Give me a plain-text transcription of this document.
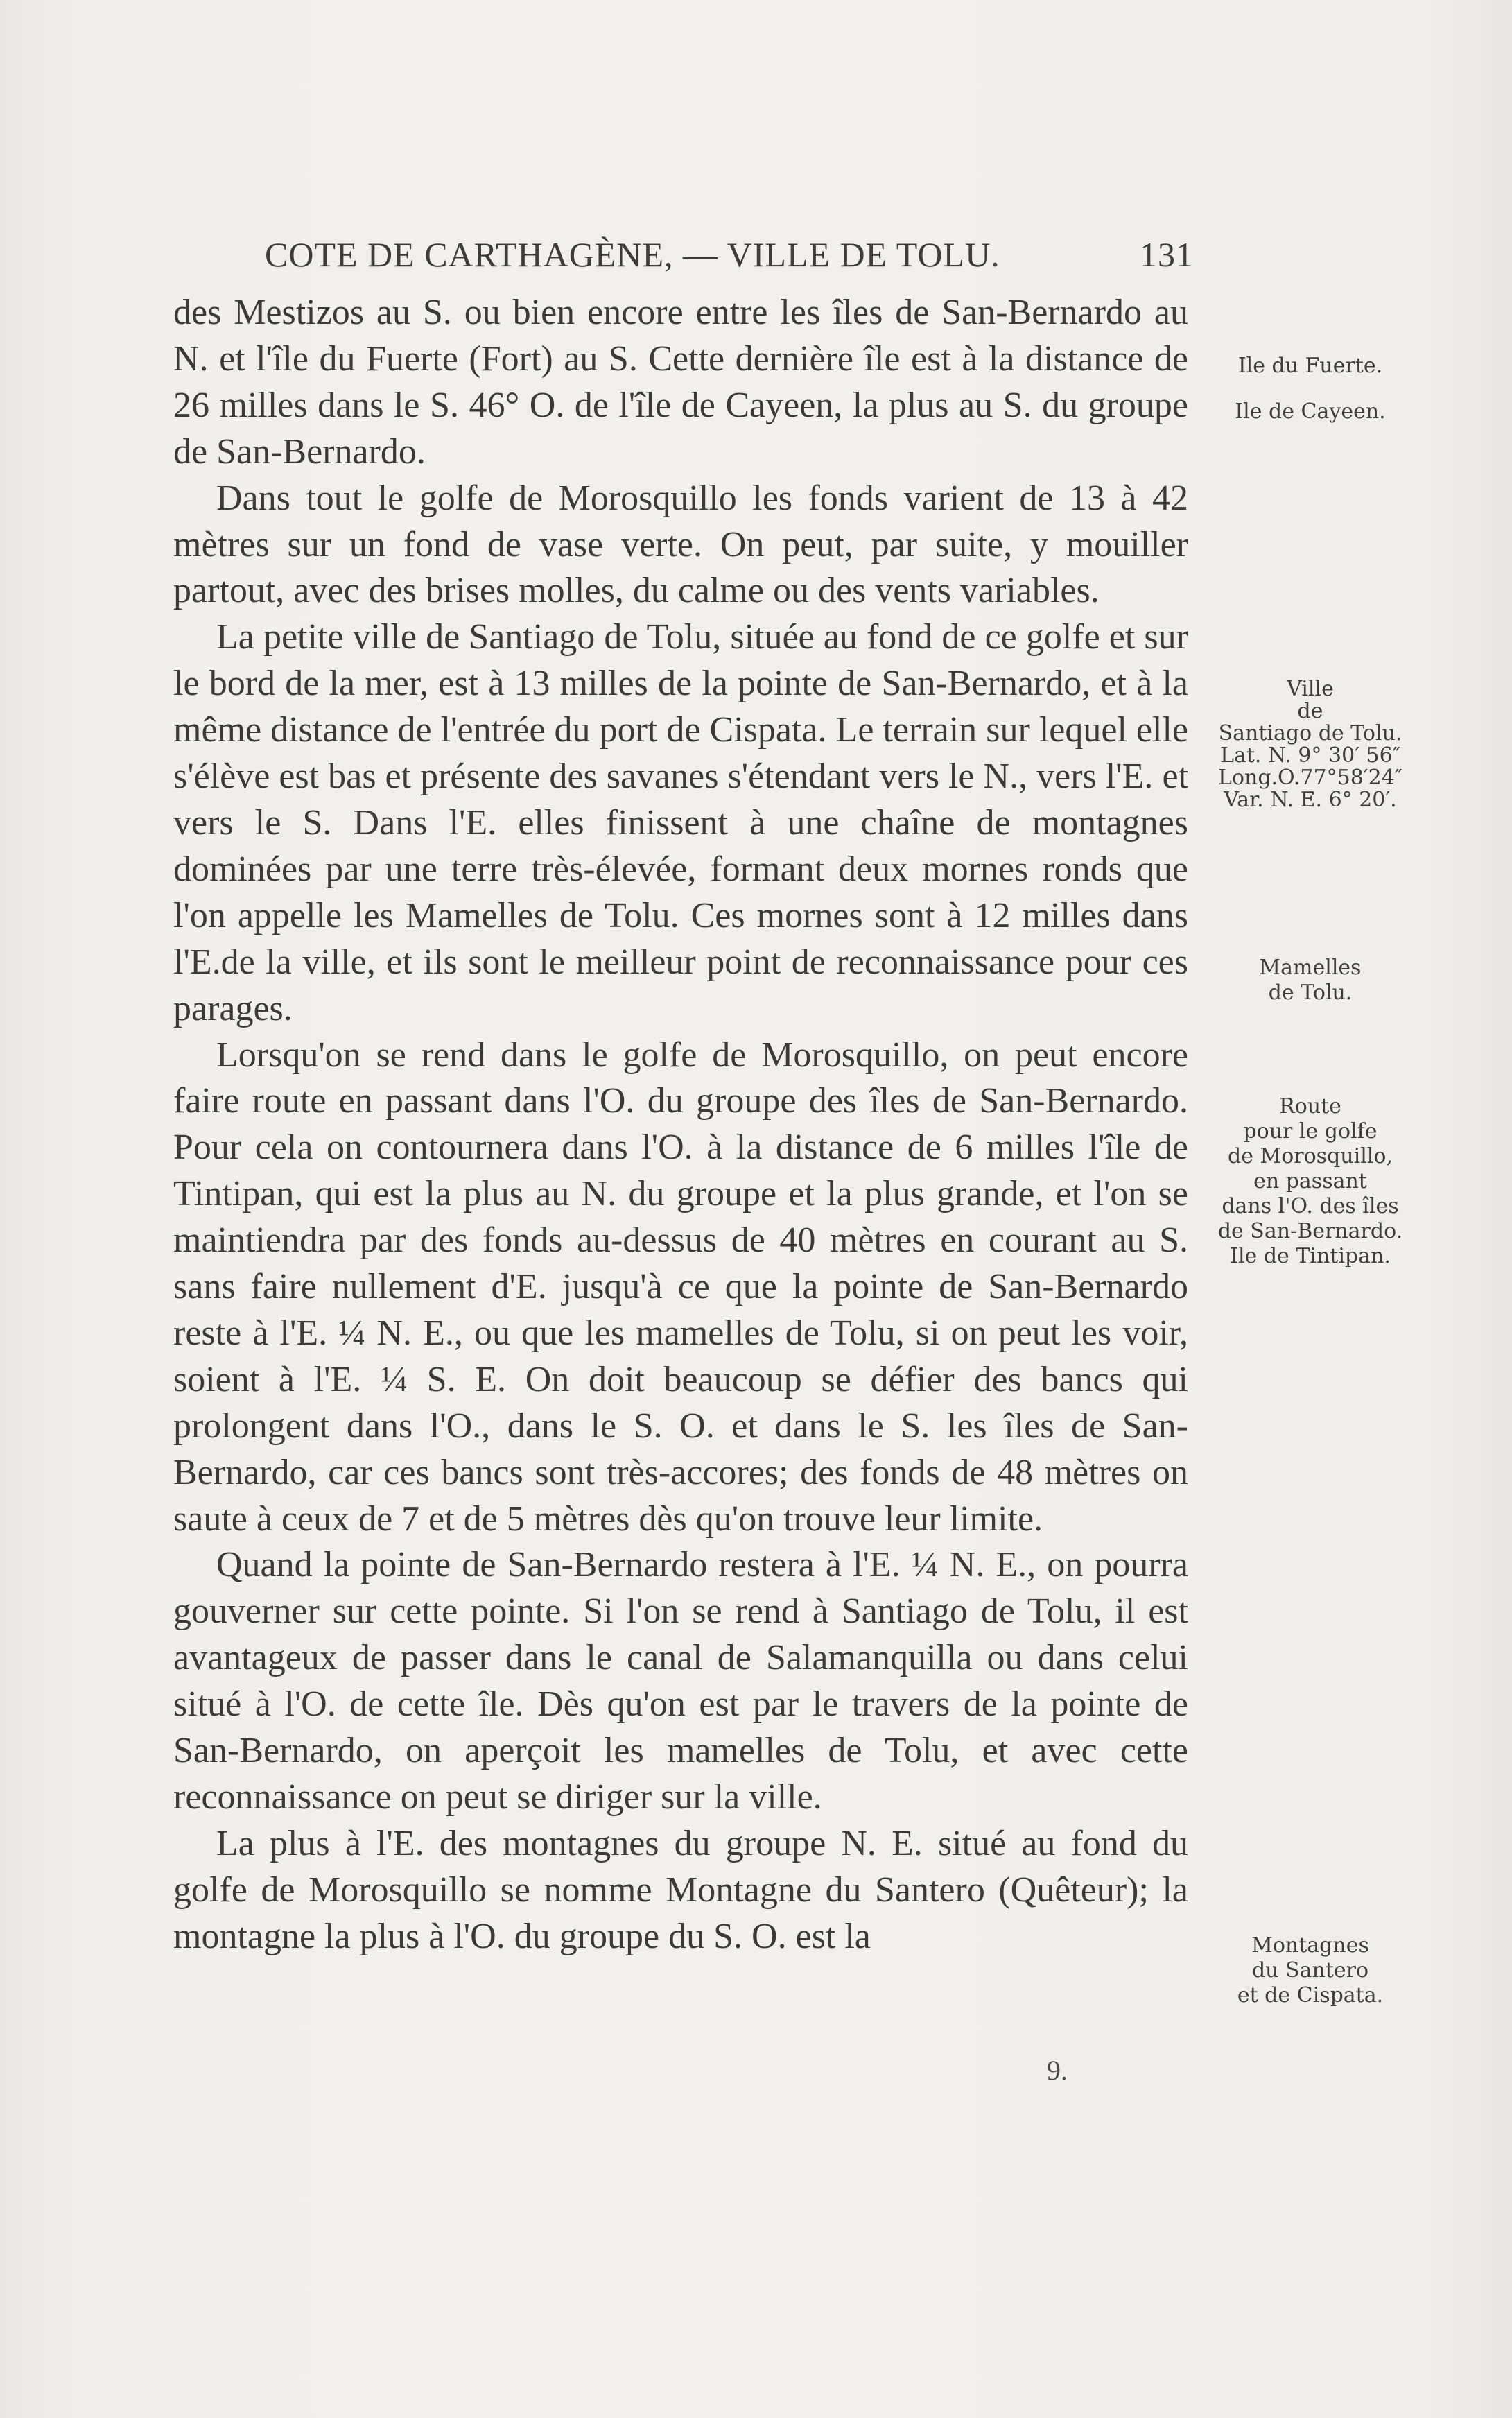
COTE DE CARTHAGÈNE, — VILLE DE TOLU.	131

des Mestizos au S. ou bien encore entre les îles de San-Bernardo au N. et l'île du Fuerte (Fort) au S. Cette dernière île est à la distance de 26 milles dans le S. 46° O. de l'île de Cayeen, la plus au S. du groupe de San-Bernardo.

Dans tout le golfe de Morosquillo les fonds varient de 13 à 42 mètres sur un fond de vase verte. On peut, par suite, y mouiller partout, avec des brises molles, du calme ou des vents variables.

La petite ville de Santiago de Tolu, située au fond de ce golfe et sur le bord de la mer, est à 13 milles de la pointe de San-Bernardo, et à la même distance de l'entrée du port de Cispata. Le terrain sur lequel elle s'élève est bas et présente des savanes s'étendant vers le N., vers l'E. et vers le S. Dans l'E. elles finissent à une chaîne de montagnes dominées par une terre très-élevée, formant deux mornes ronds que l'on appelle les Mamelles de Tolu. Ces mornes sont à 12 milles dans l'E.de la ville, et ils sont le meilleur point de reconnaissance pour ces parages.

Lorsqu'on se rend dans le golfe de Morosquillo, on peut encore faire route en passant dans l'O. du groupe des îles de San-Bernardo. Pour cela on contournera dans l'O. à la distance de 6 milles l'île de Tintipan, qui est la plus au N. du groupe et la plus grande, et l'on se maintiendra par des fonds au-dessus de 40 mètres en courant au S. sans faire nullement d'E. jusqu'à ce que la pointe de San-Bernardo reste à l'E. ¼ N. E., ou que les mamelles de Tolu, si on peut les voir, soient à l'E. ¼ S. E. On doit beaucoup se défier des bancs qui prolongent dans l'O., dans le S. O. et dans le S. les îles de San-Bernardo, car ces bancs sont très-accores; des fonds de 48 mètres on saute à ceux de 7 et de 5 mètres dès qu'on trouve leur limite.

Quand la pointe de San-Bernardo restera à l'E. ¼ N. E., on pourra gouverner sur cette pointe. Si l'on se rend à Santiago de Tolu, il est avantageux de passer dans le canal de Salamanquilla ou dans celui situé à l'O. de cette île. Dès qu'on est par le travers de la pointe de San-Bernardo, on aperçoit les mamelles de Tolu, et avec cette reconnaissance on peut se diriger sur la ville.

La plus à l'E. des montagnes du groupe N. E. situé au fond du golfe de Morosquillo se nomme Montagne du Santero (Quêteur); la montagne la plus à l'O. du groupe du S. O. est la

Ile du Fuerte.
Ile de Cayeen.
Ville
de
Santiago de Tolu.
Lat. N. 9° 30′ 56″
Long.O.77°58′24″
Var. N. E. 6° 20′.
Mamelles
de Tolu.
Route
pour le golfe
de Morosquillo,
en passant
dans l'O. des îles
de San-Bernardo.
Ile de Tintipan.
Montagnes
du Santero
et de Cispata.
9.
